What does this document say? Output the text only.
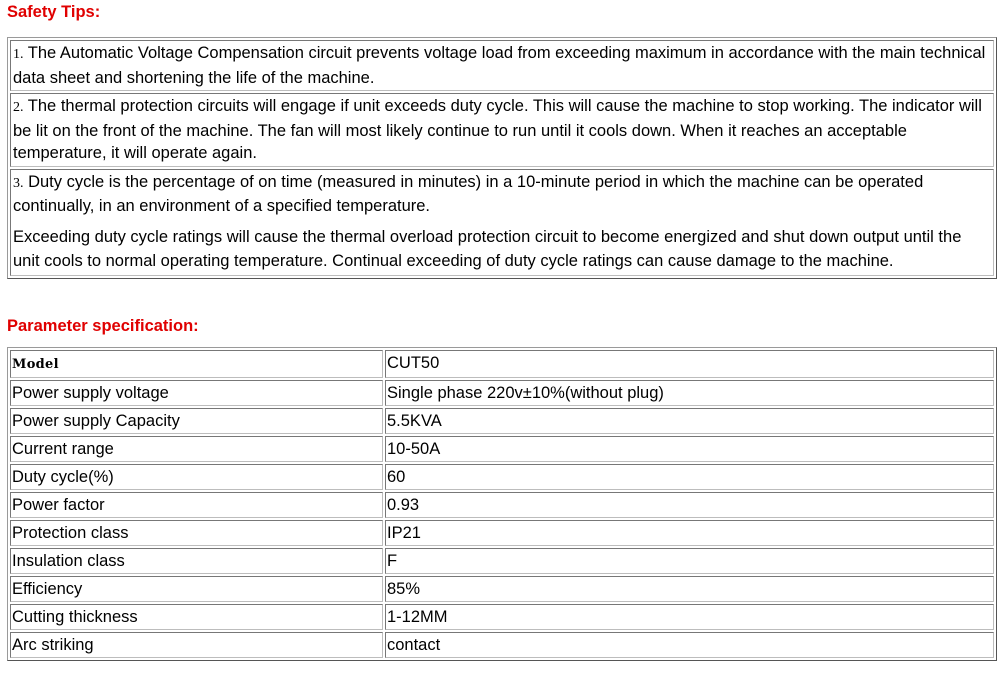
Safety Tips:
1. The Automatic Voltage Compensation circuit prevents voltage load from exceeding maximum in accordance with the main technical data sheet and shortening the life of the machine.
2. The thermal protection circuits will engage if unit exceeds duty cycle. This will cause the machine to stop working. The indicator will be lit on the front of the machine. The fan will most likely continue to run until it cools down. When it reaches an acceptable temperature, it will operate again.

3. Duty cycle is the percentage of on time (measured in minutes) in a 10-minute period in which the machine can be operated continually, in an environment of a specified temperature.
Exceeding duty cycle ratings will cause the thermal overload protection circuit to become energized and shut down output until the unit cools to normal operating temperature. Continual exceeding of duty cycle ratings can cause damage to the machine.
Parameter specification:
Model	CUT50
Power supply voltage	Single phase 220v±10%(without plug)
Power supply Capacity	5.5KVA
Current range	10-50A
Duty cycle(%)	60
Power factor	0.93
Protection class	IP21
Insulation class	F
Efficiency	85%
Cutting thickness	1-12MM
Arc striking	contact
